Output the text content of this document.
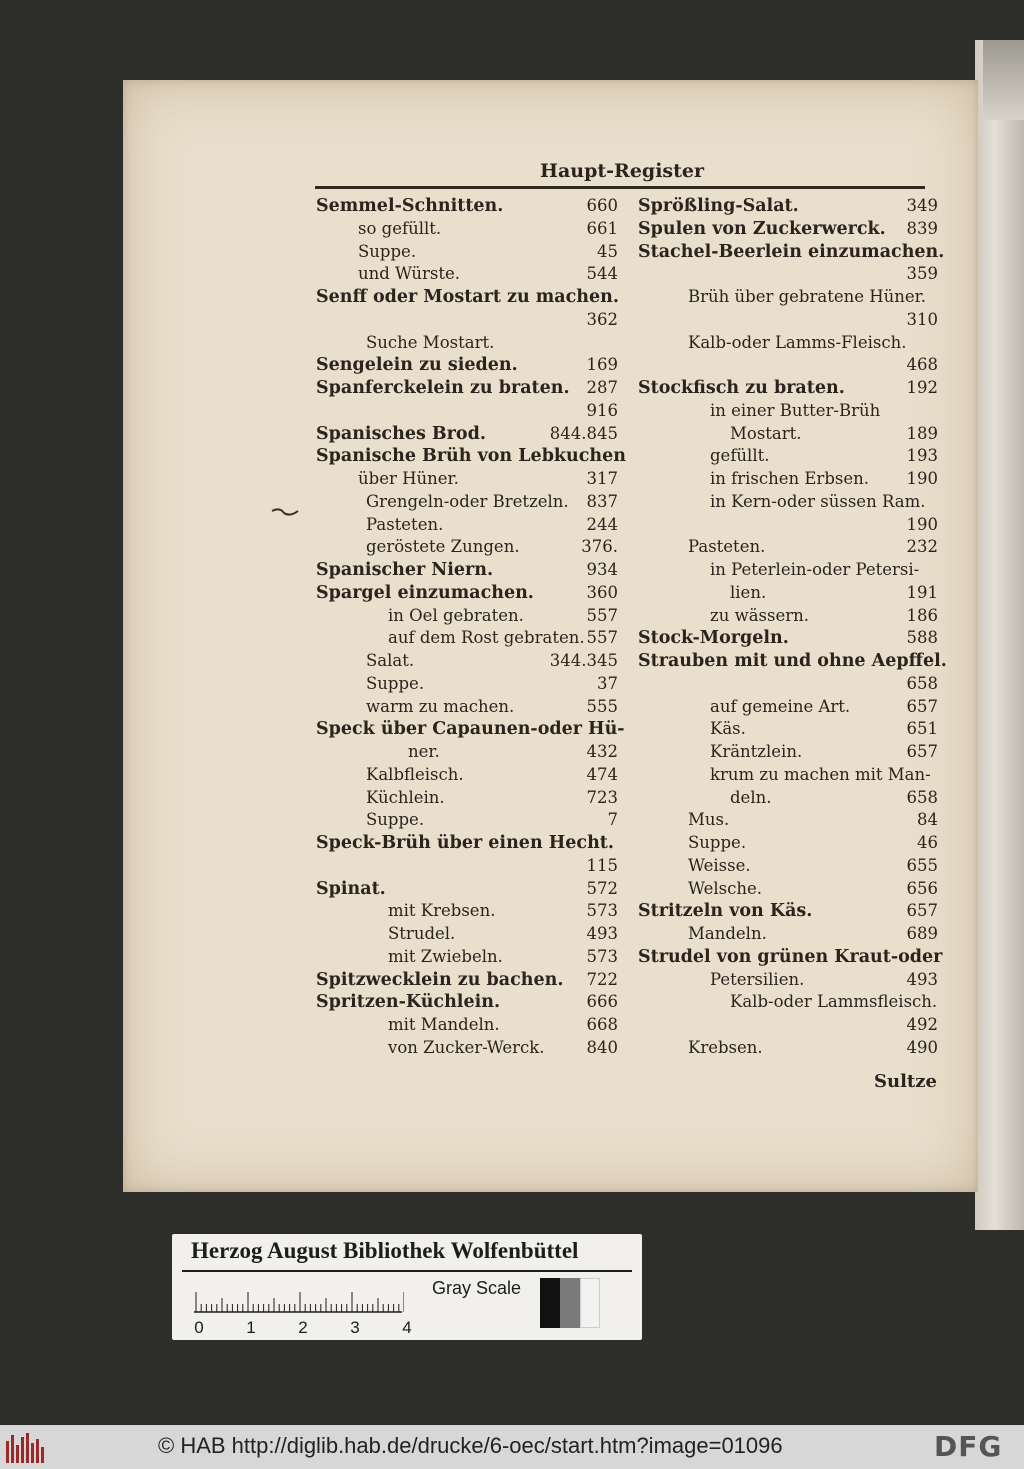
Haupt-Register
Semmel-Schnitten.	660
so gefüllt.	661
Suppe.	45
und Würste.	544
Senff oder Mostart zu machen.
362
Suche Mostart.
Sengelein zu sieden.	169
Spanferckelein zu braten.	287
916
Spanisches Brod.	844.845
Spanische Brüh von Lebkuchen
über Hüner.	317
Grengeln-oder Bretzeln.	837
Pasteten.	244
geröstete Zungen.	376.
Spanischer Niern.	934
Spargel einzumachen.	360
in Oel gebraten.	557
auf dem Rost gebraten. 557
Salat.	344.345
Suppe.	37
warm zu machen.	555
Speck über Capaunen-oder Hü-
ner.	432
Kalbfleisch.	474
Küchlein.	723
Suppe.	7
Speck-Brüh über einen Hecht.
115
Spinat.	572
mit Krebsen.	573
Strudel.	493
mit Zwiebeln.	573
Spitzwecklein zu bachen.	722
Spritzen-Küchlein.	666
mit Mandeln.	668
von Zucker-Werck.	840
Sprößling-Salat.	349
Spulen von Zuckerwerck.	839
Stachel-Beerlein einzumachen.
359
Brüh über gebratene Hüner.
310
Kalb-oder Lamms-Fleisch.
468
Stockfisch zu braten.	192
in einer Butter-Brüh
Mostart.	189
gefüllt.	193
in frischen Erbsen.	190
in Kern-oder süssen Ram.
190
Pasteten.	232
in Peterlein-oder Petersi-
lien.	191
zu wässern.	186
Stock-Morgeln.	588
Strauben mit und ohne Aepffel.
658
auf gemeine Art.	657
Käs.	651
Kräntzlein.	657
krum zu machen mit Man-
deln.	658
Mus.	84
Suppe.	46
Weisse.	655
Welsche.	656
Stritzeln von Käs.	657
Mandeln.	689
Strudel von grünen Kraut-oder
Petersilien.	493
Kalb-oder Lammsfleisch.
492
Krebsen.	490
Sultze
Herzog August Bibliothek Wolfenbüttel
0	1	2	3	4
Gray Scale
© HAB http://diglib.hab.de/drucke/6-oec/start.htm?image=01096	DFG
